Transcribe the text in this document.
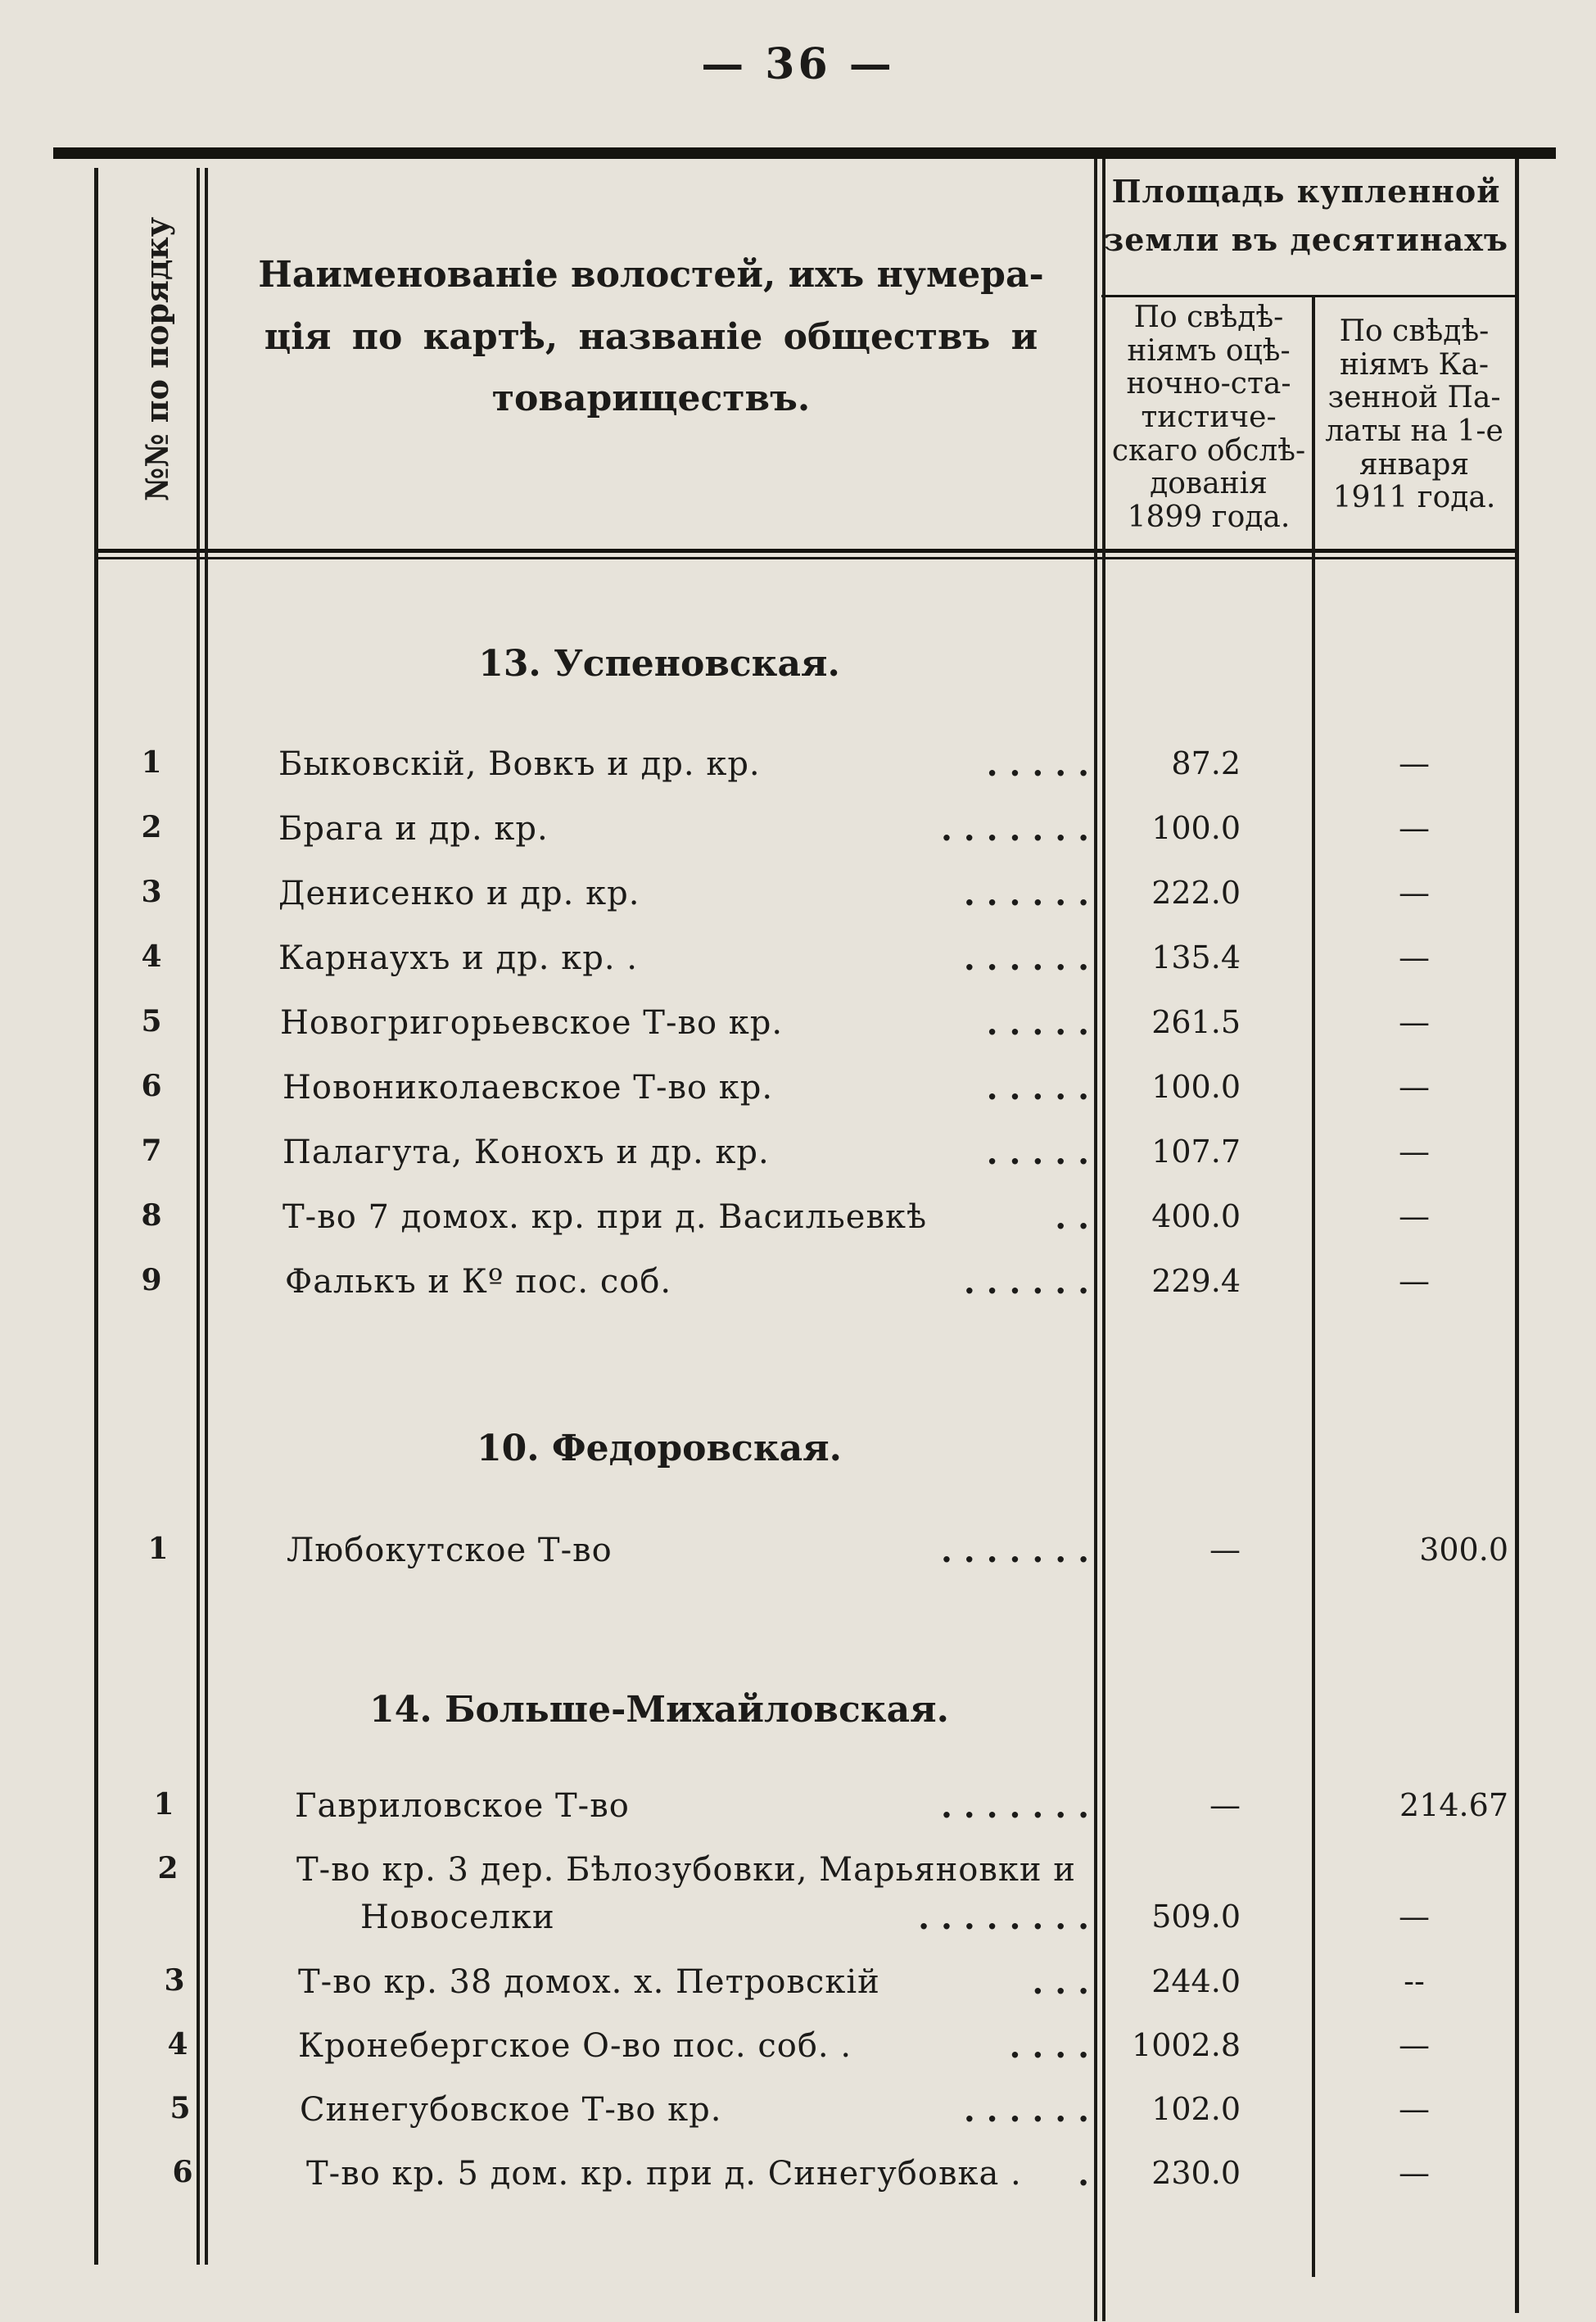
— 36 —
№№ по порядку	Наименованіе волостей, ихъ нумера-
ція по картѣ, названіе обществъ и
товариществъ.
Площадь купленной
земли въ десятинахъ
По свѣдѣ-
ніямъ оцѣ-
ночно-ста-
тистиче-
скаго обслѣ-
дованія
1899 года.
По свѣдѣ-
ніямъ Ка-
зенной Па-
латы на 1-е
января
1911 года.
13. Успеновская.
1	Быковскій, Вовкъ и др. кр.	. . . . .	87.2	—
2	Брага и др. кр.	. . . . . . .	100.0	—
3	Денисенко и др. кр.	. . . . . .	222.0	—
4	Карнаухъ и др. кр. .	. . . . . .	135.4	—
5	Новогригорьевское Т-во кр.	. . . . .	261.5	—
6	Новониколаевское Т-во кр.	. . . . .	100.0	—
7	Палагута, Конохъ и др. кр.	. . . . .	107.7	—
8	Т-во 7 домох. кр. при д. Васильевкѣ	. .	400.0	—
9	Фалькъ и Кº пос. соб.	. . . . . .	229.4	—
10. Федоровская.
1	Любокутское Т-во	. . . . . . .	—	300.0
14. Больше-Михайловская.
1	Гавриловское Т-во	. . . . . . .	—	214.67
2	Т-во кр. 3 дер. Бѣлозубовки, Марьяновки и
Новоселки	. . . . . . . .	509.0	—
3	Т-во кр. 38 домох. х. Петровскій	. . .	244.0	--
4	Кронебергское О-во пос. соб. .	. . . .	1002.8	—
5	Синегубовское Т-во кр.	. . . . . .	102.0	—
6	Т-во кр. 5 дом. кр. при д. Синегубовка .	.	230.0	—
